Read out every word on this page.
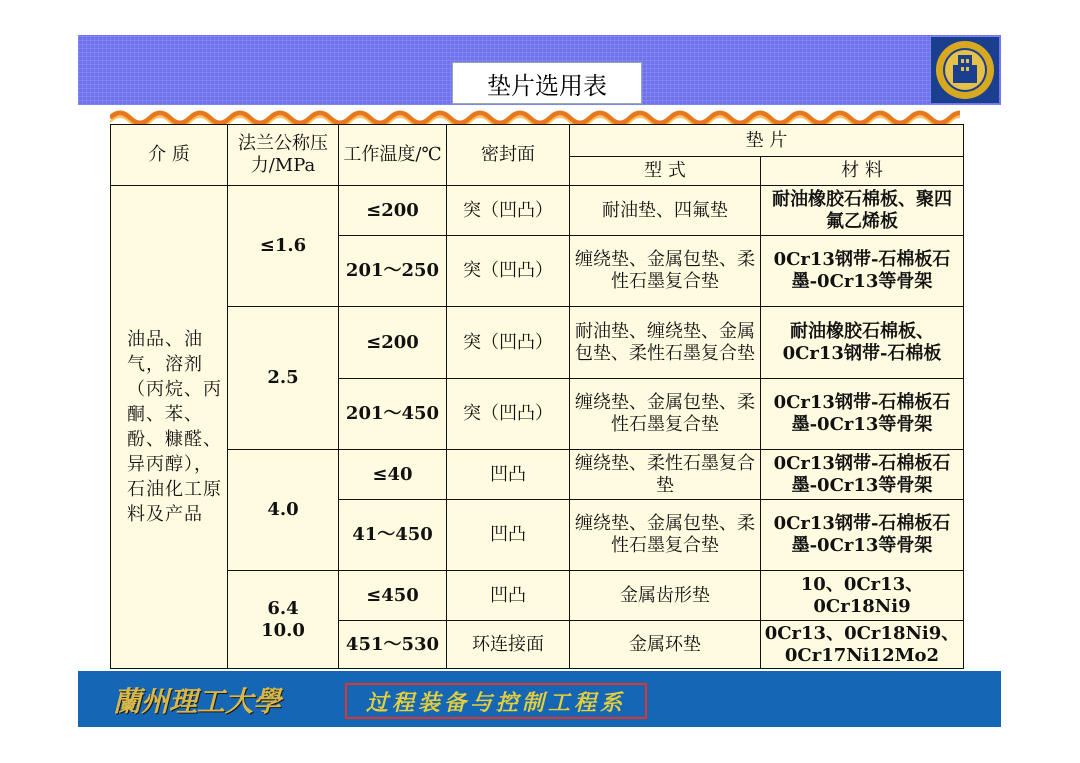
垫片选用表
介 质	法兰公称压力/MPa	工作温度/℃	密封面	垫 片	
				型 式	材 料
油品、油气，溶剂（丙烷、丙酮、苯、酚、糠醛、异丙醇），石油化工原料及产品	≤1.6	≤200	突（凹凸）	耐油垫、四氟垫	耐油橡胶石棉板、聚四氟乙烯板
		201～250	突（凹凸）	缠绕垫、金属包垫、柔性石墨复合垫	0Cr13钢带-石棉板石墨-0Cr13等骨架
	2.5	≤200	突（凹凸）	耐油垫、缠绕垫、金属包垫、柔性石墨复合垫	耐油橡胶石棉板、0Cr13钢带-石棉板
		201～450	突（凹凸）	缠绕垫、金属包垫、柔性石墨复合垫	0Cr13钢带-石棉板石墨-0Cr13等骨架
	4.0	≤40	凹凸	缠绕垫、柔性石墨复合垫	0Cr13钢带-石棉板石墨-0Cr13等骨架
		41～450	凹凸	缠绕垫、金属包垫、柔性石墨复合垫	0Cr13钢带-石棉板石墨-0Cr13等骨架
	6.4 10.0	≤450	凹凸	金属齿形垫	10、0Cr13、0Cr18Ni9
		451～530	环连接面	金属环垫	0Cr13、0Cr18Ni9、0Cr17Ni12Mo2
蘭州理工大學	过程装备与控制工程系
